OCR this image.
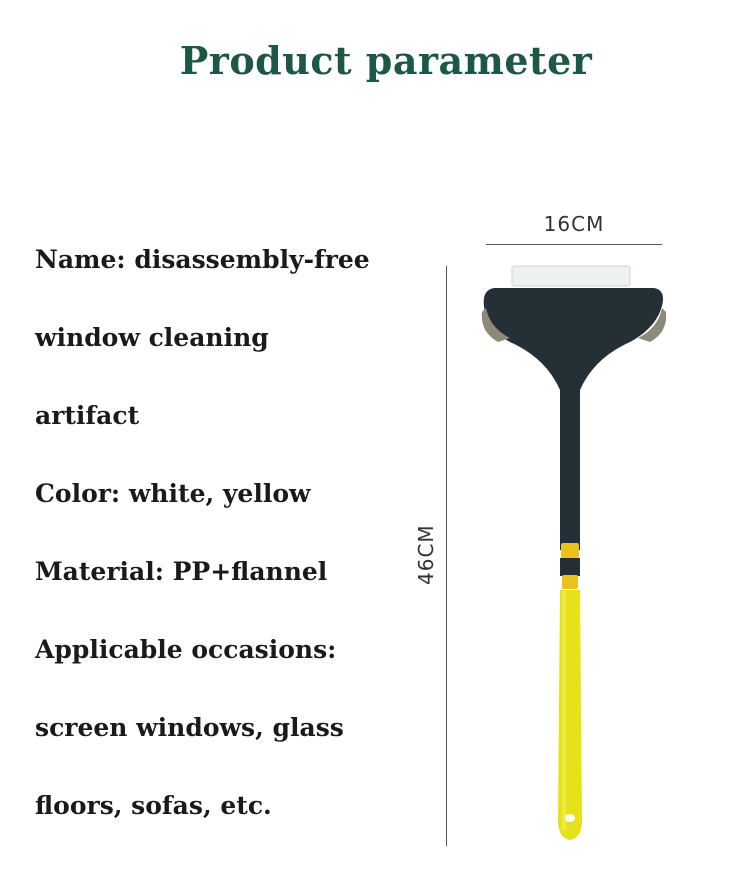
Product parameter
Name: disassembly-free
window cleaning
artifact
Color: white, yellow
Material: PP+flannel
Applicable occasions:
screen windows, glass
floors, sofas, etc.
16CM
46CM
